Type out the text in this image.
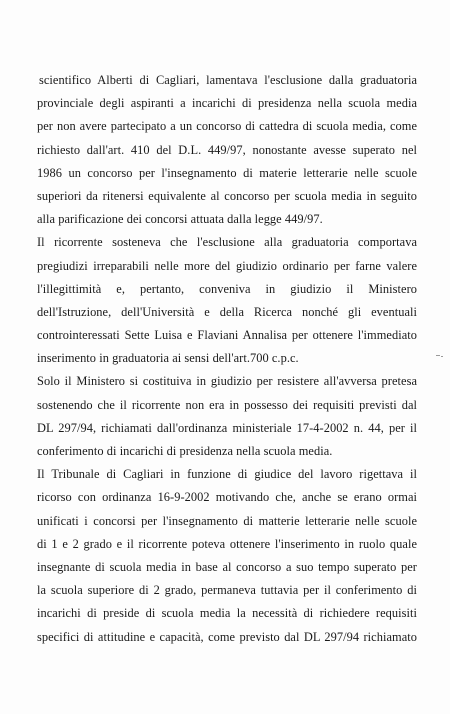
scientifico Alberti di Cagliari, lamentava l'esclusione dalla graduatoria
provinciale degli aspiranti a incarichi di presidenza nella scuola media
per non avere partecipato a un concorso di cattedra di scuola media, come
richiesto dall'art. 410 del D.L. 449/97, nonostante avesse superato nel
1986 un concorso per l'insegnamento di materie letterarie nelle scuole
superiori da ritenersi equivalente al concorso per scuola media in seguito
alla parificazione dei concorsi attuata dalla legge 449/97.
Il ricorrente sosteneva che l'esclusione alla graduatoria comportava
pregiudizi irreparabili nelle more del giudizio ordinario per farne valere
l'illegittimità e, pertanto, conveniva in giudizio il Ministero
dell'Istruzione, dell'Università e della Ricerca nonché gli eventuali
controinteressati Sette Luisa e Flaviani Annalisa per ottenere l'immediato
inserimento in graduatoria ai sensi dell'art.700 c.p.c.
Solo il Ministero si costituiva in giudizio per resistere all'avversa pretesa
sostenendo che il ricorrente non era in possesso dei requisiti previsti dal
DL 297/94, richiamati dall'ordinanza ministeriale 17-4-2002 n. 44, per il
conferimento di incarichi di presidenza nella scuola media.
Il Tribunale di Cagliari in funzione di giudice del lavoro rigettava il
ricorso con ordinanza 16-9-2002 motivando che, anche se erano ormai
unificati i concorsi per l'insegnamento di matterie letterarie nelle scuole
di 1 e 2 grado e il ricorrente poteva ottenere l'inserimento in ruolo quale
insegnante di scuola media in base al concorso a suo tempo superato per
la scuola superiore di 2 grado, permaneva tuttavia per il conferimento di
incarichi di preside di scuola media la necessità di richiedere requisiti
specifici di attitudine e capacità, come previsto dal DL 297/94 richiamato
